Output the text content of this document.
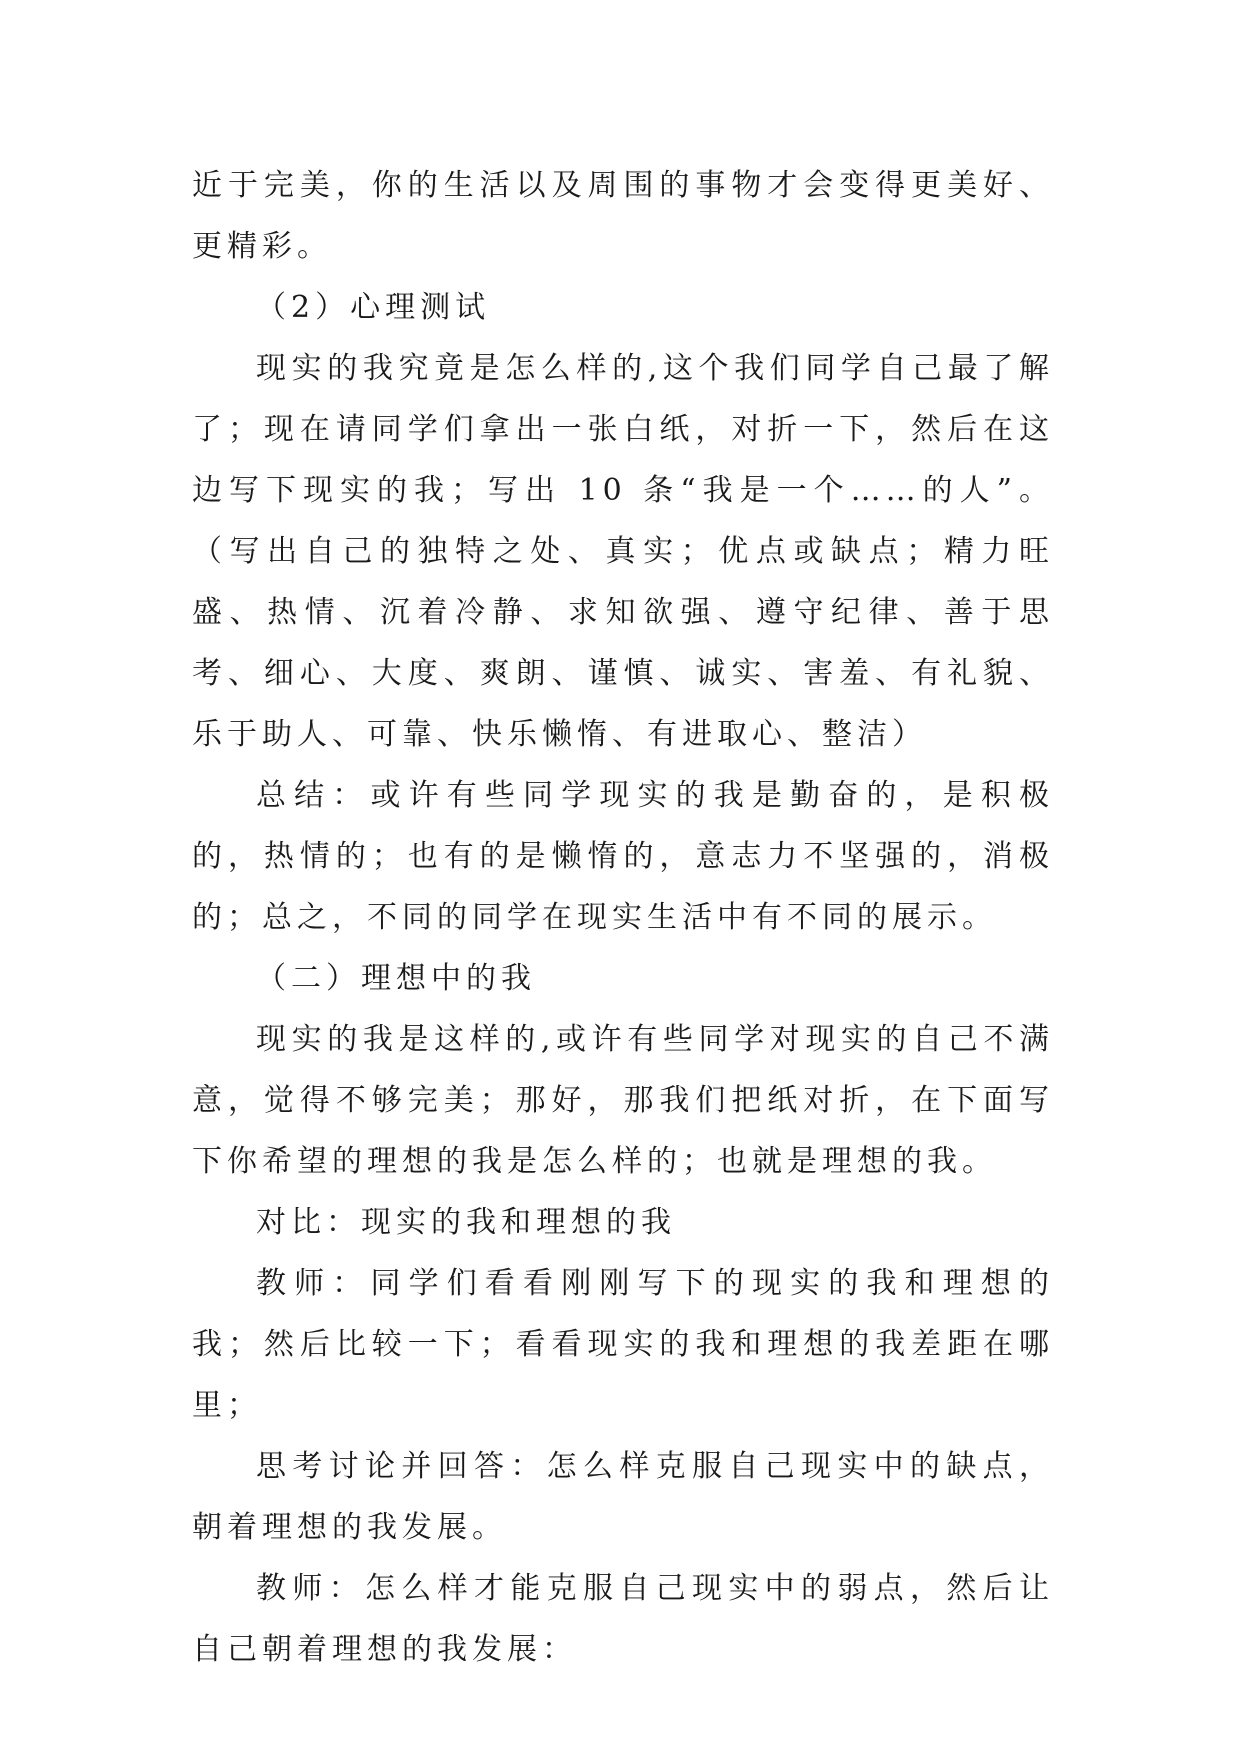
近于完美，你的生活以及周围的事物才会变得更美好、更精彩。

（2）心理测试

现实的我究竟是怎么样的,这个我们同学自己最了解了；现在请同学们拿出一张白纸，对折一下，然后在这边写下现实的我；写出 10 条“我是一个……的人”。（写出自己的独特之处、真实；优点或缺点；精力旺盛、热情、沉着冷静、求知欲强、遵守纪律、善于思考、细心、大度、爽朗、谨慎、诚实、害羞、有礼貌、乐于助人、可靠、快乐懒惰、有进取心、整洁）

总结：或许有些同学现实的我是勤奋的，是积极的，热情的；也有的是懒惰的，意志力不坚强的，消极的；总之，不同的同学在现实生活中有不同的展示。

（二）理想中的我

现实的我是这样的,或许有些同学对现实的自己不满意，觉得不够完美；那好，那我们把纸对折，在下面写下你希望的理想的我是怎么样的；也就是理想的我。

对比：现实的我和理想的我

教师：同学们看看刚刚写下的现实的我和理想的我；然后比较一下；看看现实的我和理想的我差距在哪里；

思考讨论并回答：怎么样克服自己现实中的缺点，朝着理想的我发展。

教师：怎么样才能克服自己现实中的弱点，然后让自己朝着理想的我发展：
